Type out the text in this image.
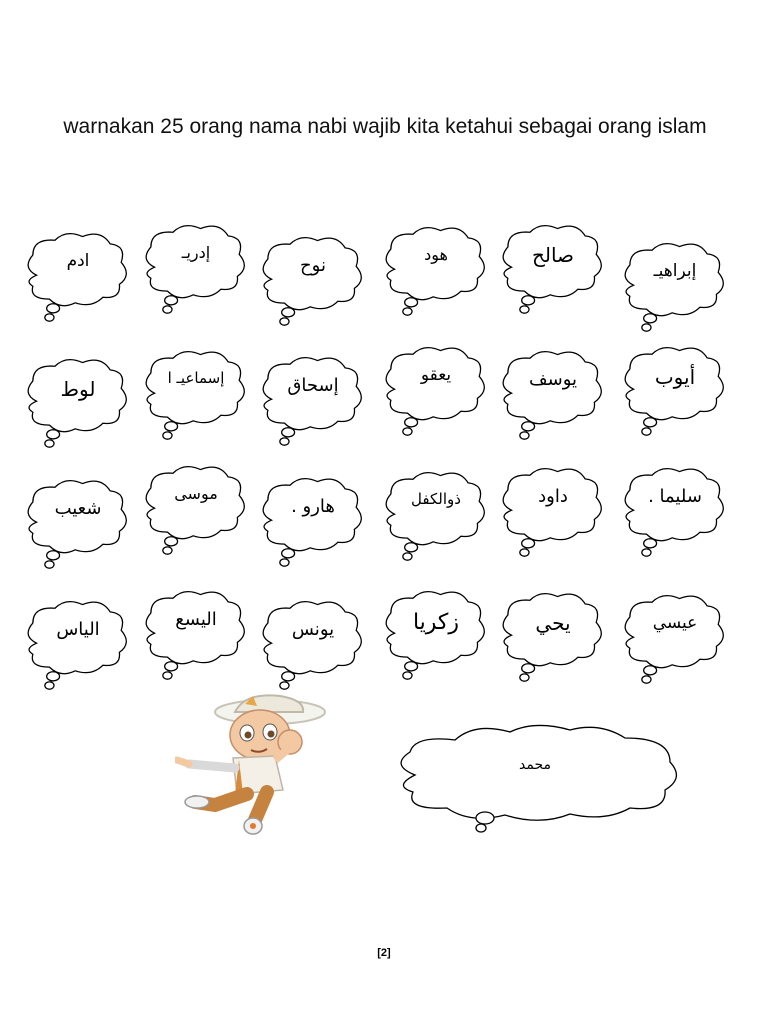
warnakan 25 orang nama nabi wajib kita ketahui sebagai orang islam
ادم	إدريـ
نوح
هود	صالح
إبراهيـ
لوط	إسماعيـ ا	إسحاق	يعقو	يوسف	أيوب
شعيب
موسى
هارو .	ذوالكفل	داود	سليما .
الياس	اليسع	يونس	زكريا	يحي	عيسي
محمد
[2]
